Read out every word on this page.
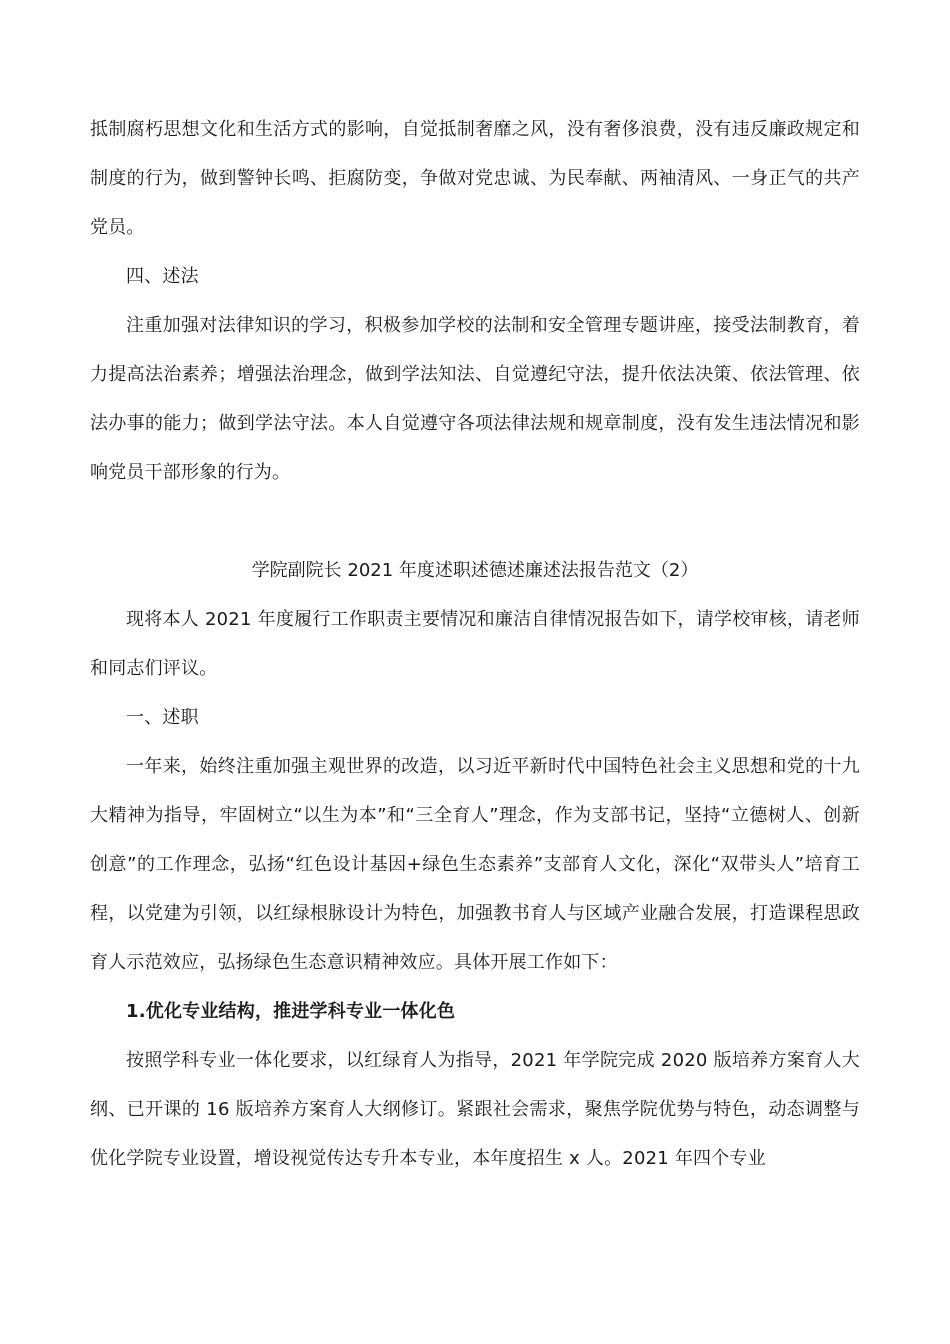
抵制腐朽思想文化和生活方式的影响，自觉抵制奢靡之风，没有奢侈浪费，没有违反廉政规定和制度的行为，做到警钟长鸣、拒腐防变，争做对党忠诚、为民奉献、两袖清风、一身正气的共产党员。

四、述法

注重加强对法律知识的学习，积极参加学校的法制和安全管理专题讲座，接受法制教育，着力提高法治素养；增强法治理念，做到学法知法、自觉遵纪守法，提升依法决策、依法管理、依法办事的能力；做到学法守法。本人自觉遵守各项法律法规和规章制度，没有发生违法情况和影响党员干部形象的行为。

学院副院长 2021 年度述职述德述廉述法报告范文（2）

现将本人 2021 年度履行工作职责主要情况和廉洁自律情况报告如下，请学校审核，请老师和同志们评议。

一、述职

一年来，始终注重加强主观世界的改造，以习近平新时代中国特色社会主义思想和党的十九大精神为指导，牢固树立“以生为本”和“三全育人”理念，作为支部书记，坚持“立德树人、创新创意”的工作理念，弘扬“红色设计基因+绿色生态素养”支部育人文化，深化“双带头人”培育工程，以党建为引领，以红绿根脉设计为特色，加强教书育人与区域产业融合发展，打造课程思政育人示范效应，弘扬绿色生态意识精神效应。具体开展工作如下：

1.优化专业结构，推进学科专业一体化色

按照学科专业一体化要求，以红绿育人为指导，2021 年学院完成 2020 版培养方案育人大纲、已开课的 16 版培养方案育人大纲修订。紧跟社会需求，聚焦学院优势与特色，动态调整与优化学院专业设置，增设视觉传达专升本专业，本年度招生 x 人。2021 年四个专业
